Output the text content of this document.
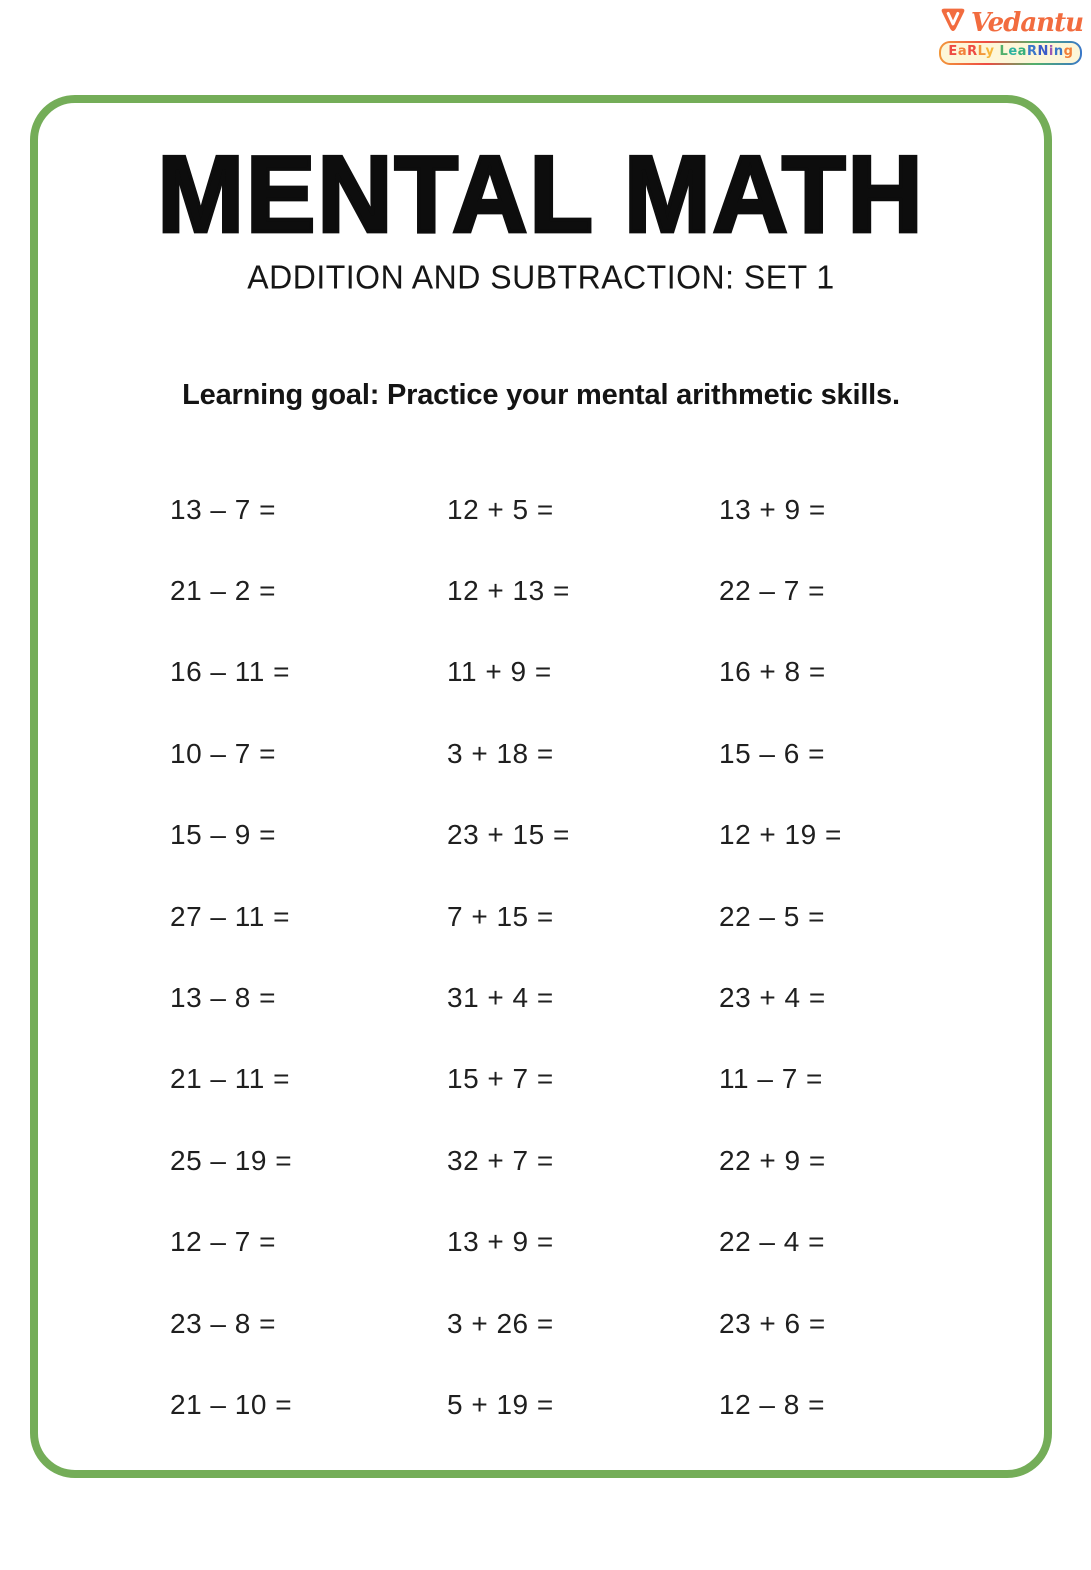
Vedantu
EaRLy LeaRNing
MENTAL MATH
ADDITION AND SUBTRACTION: SET 1
Learning goal: Practice your mental arithmetic skills.
13 – 7 =	12 + 5 =	13 + 9 =
21 – 2 =	12 + 13 =	22 – 7 =
16 – 11 =	11 + 9 =	16 + 8 =
10 – 7 =	3 + 18 =	15 – 6 =
15 – 9 =	23 + 15 =	12 + 19 =
27 – 11 =	7 + 15 =	22 – 5 =
13 – 8 =	31 + 4 =	23 + 4 =
21 – 11 =	15 + 7 =	11 – 7 =
25 – 19 =	32 + 7 =	22 + 9 =
12 – 7 =	13 + 9 =	22 – 4 =
23 – 8 =	3 + 26 =	23 + 6 =
21 – 10 =	5 + 19 =	12 – 8 =
